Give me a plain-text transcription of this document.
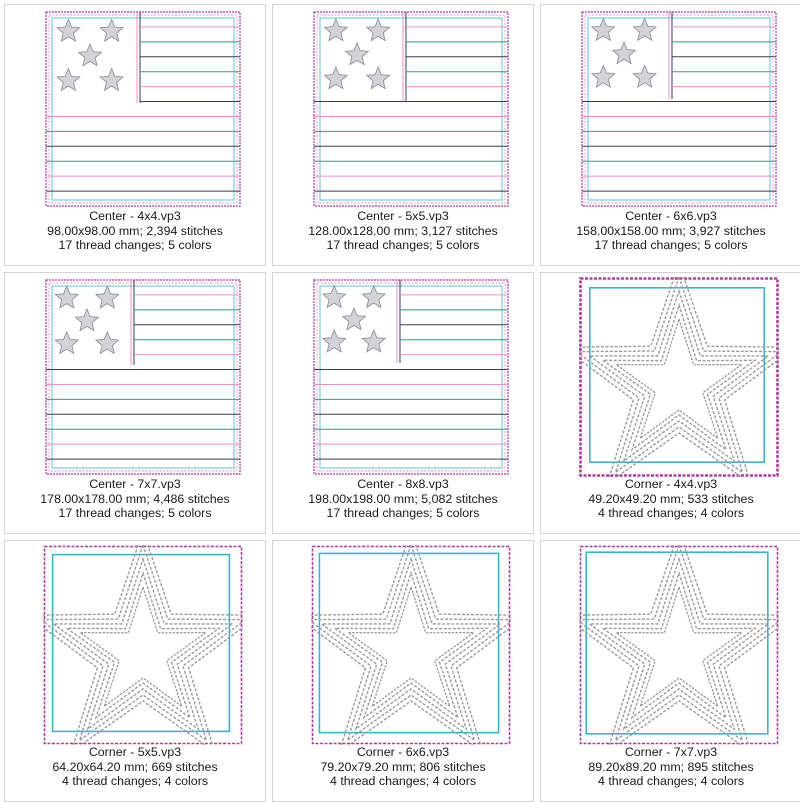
Center - 4x4.vp3
98.00x98.00 mm; 2,394 stitches
17 thread changes; 5 colors
Center - 5x5.vp3
128.00x128.00 mm; 3,127 stitches
17 thread changes; 5 colors
Center - 6x6.vp3
158.00x158.00 mm; 3,927 stitches
17 thread changes; 5 colors
Center - 7x7.vp3
178.00x178.00 mm; 4,486 stitches
17 thread changes; 5 colors
Center - 8x8.vp3
198.00x198.00 mm; 5,082 stitches
17 thread changes; 5 colors
Corner - 4x4.vp3
49.20x49.20 mm; 533 stitches
4 thread changes; 4 colors
Corner - 5x5.vp3
64.20x64.20 mm; 669 stitches
4 thread changes; 4 colors
Corner - 6x6.vp3
79.20x79.20 mm; 806 stitches
4 thread changes; 4 colors
Corner - 7x7.vp3
89.20x89.20 mm; 895 stitches
4 thread changes; 4 colors
